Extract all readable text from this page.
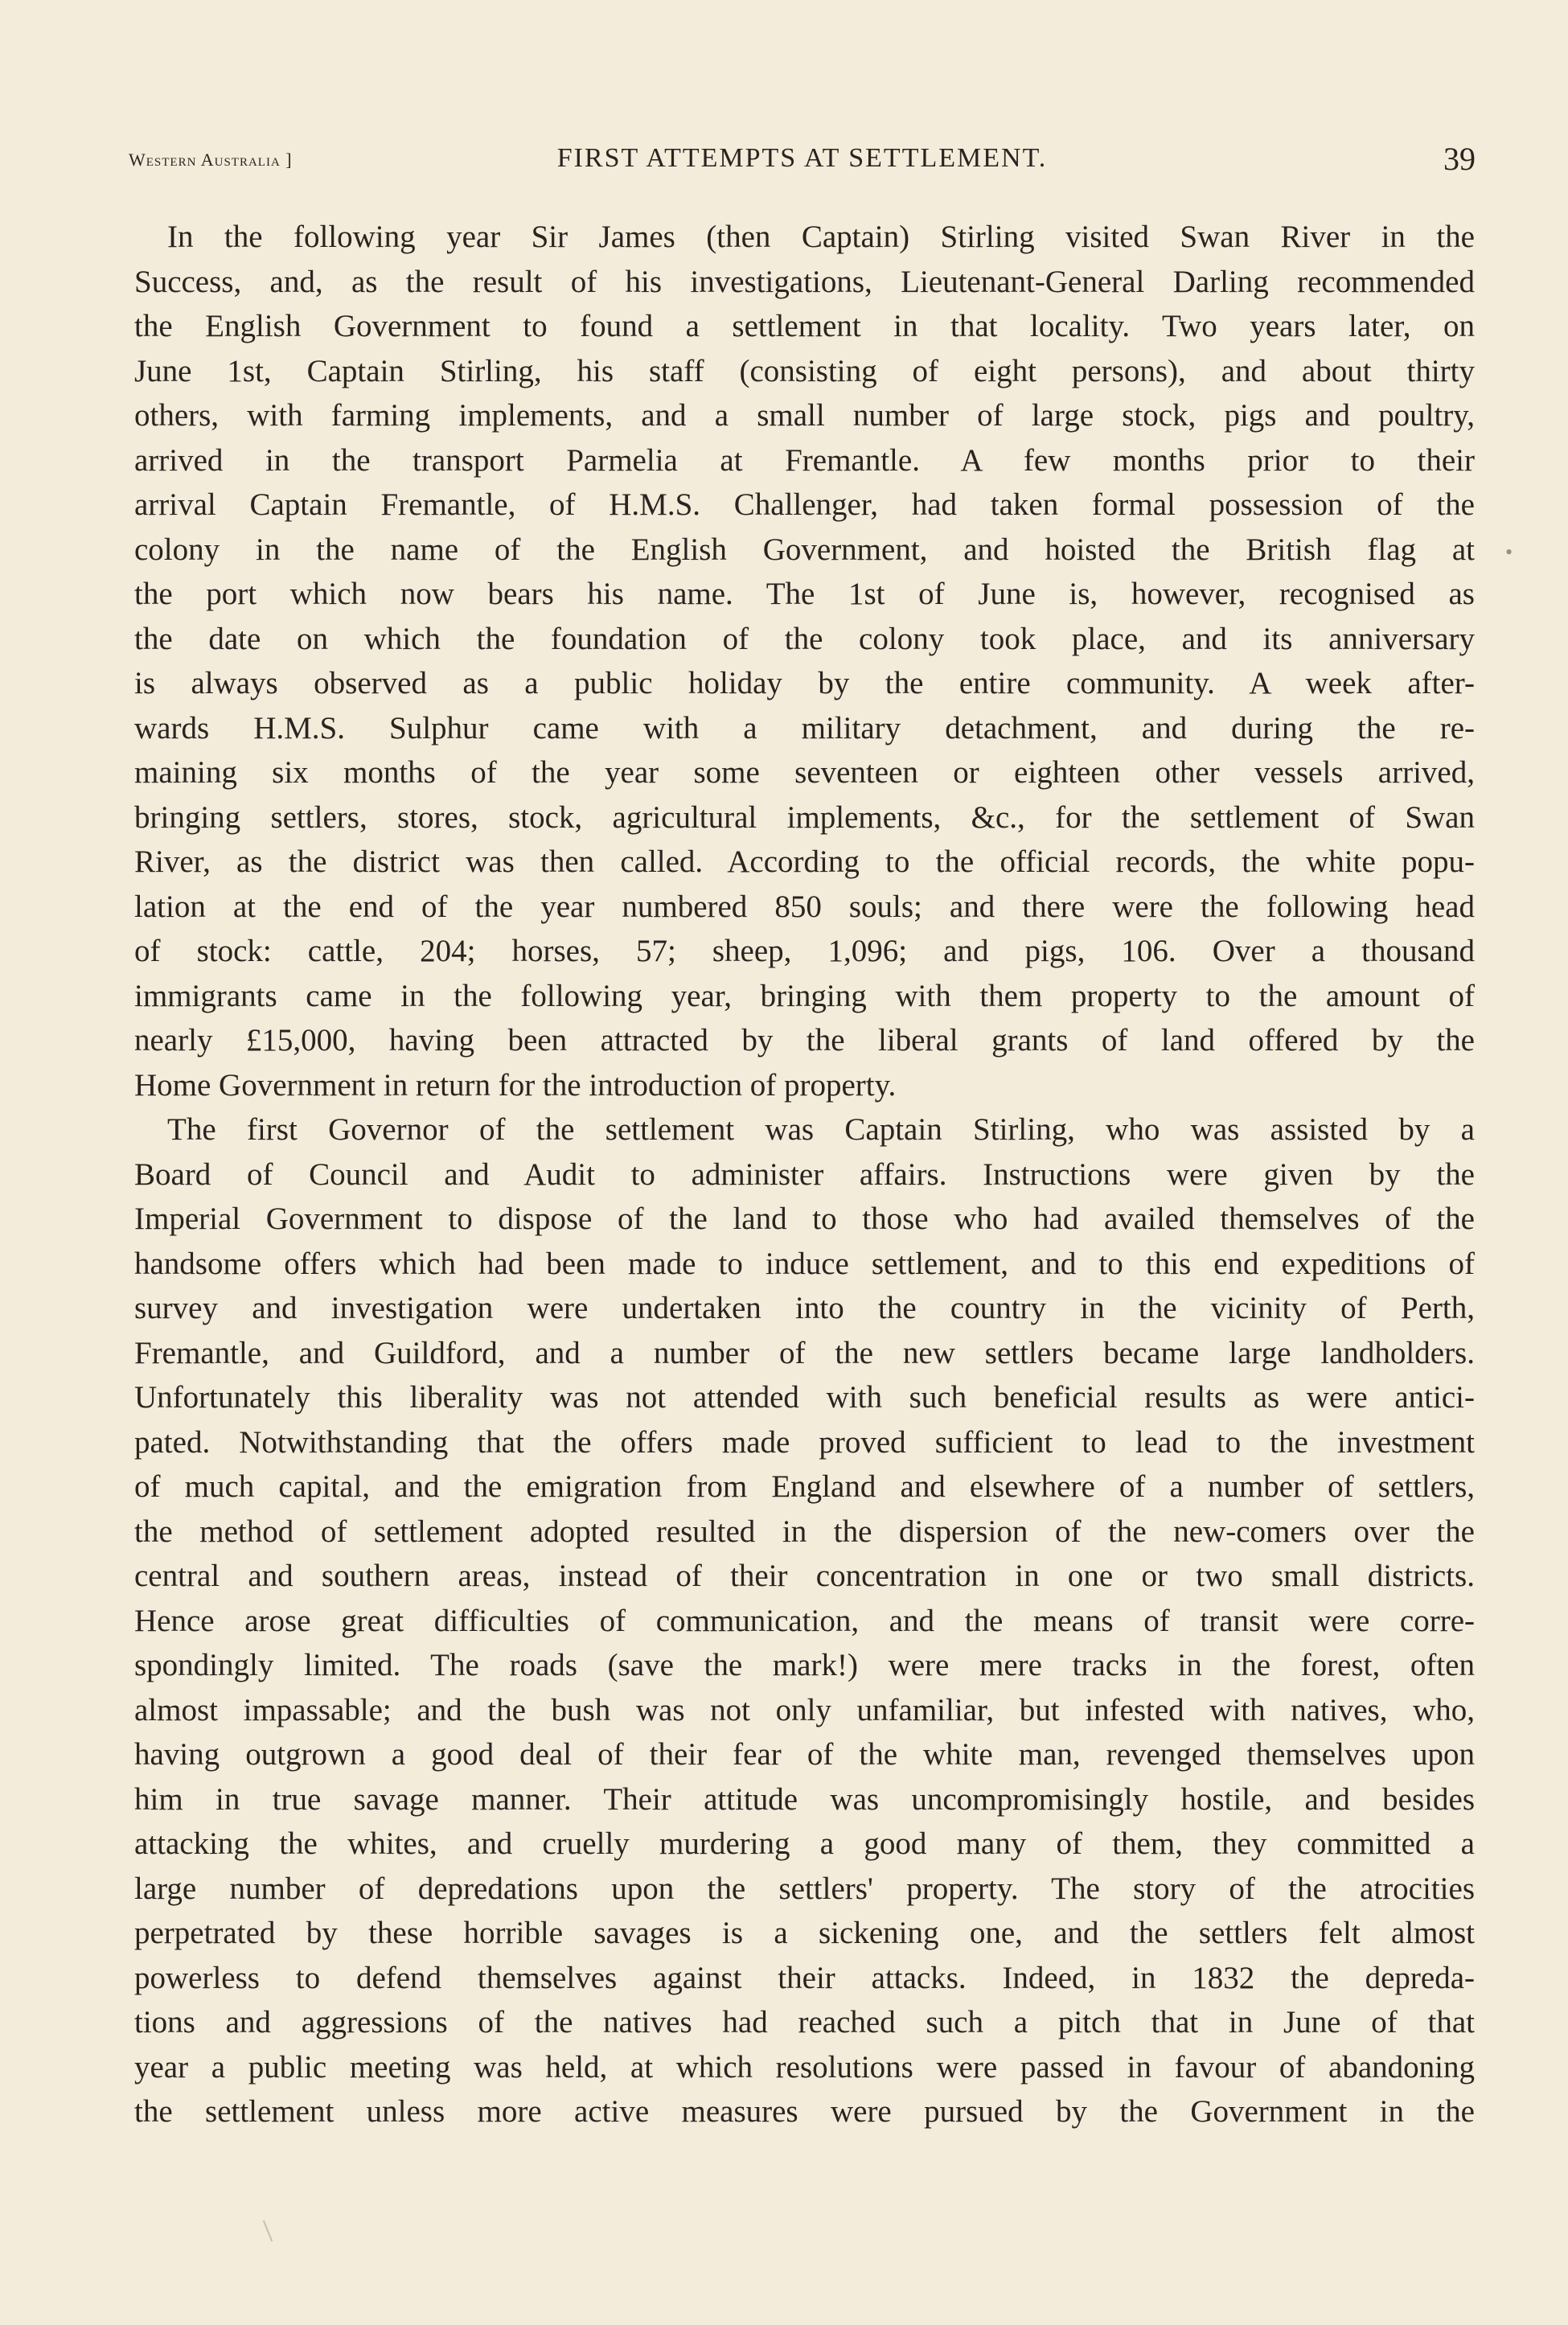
Western Australia ]	FIRST ATTEMPTS AT SETTLEMENT.	39
•
In the following year Sir James (then Captain) Stirling visited Swan River in the
Success, and, as the result of his investigations, Lieutenant-General Darling recommended
the English Government to found a settlement in that locality. Two years later, on
June 1st, Captain Stirling, his staff (consisting of eight persons), and about thirty
others, with farming implements, and a small number of large stock, pigs and poultry,
arrived in the transport Parmelia at Fremantle. A few months prior to their
arrival Captain Fremantle, of H.M.S. Challenger, had taken formal possession of the
colony in the name of the English Government, and hoisted the British flag at
the port which now bears his name. The 1st of June is, however, recognised as
the date on which the foundation of the colony took place, and its anniversary
is always observed as a public holiday by the entire community. A week after-
wards H.M.S. Sulphur came with a military detachment, and during the re-
maining six months of the year some seventeen or eighteen other vessels arrived,
bringing settlers, stores, stock, agricultural implements, &c., for the settlement of Swan
River, as the district was then called. According to the official records, the white popu-
lation at the end of the year numbered 850 souls; and there were the following head
of stock: cattle, 204; horses, 57; sheep, 1,096; and pigs, 106. Over a thousand
immigrants came in the following year, bringing with them property to the amount of
nearly £15,000, having been attracted by the liberal grants of land offered by the
Home Government in return for the introduction of property.
The first Governor of the settlement was Captain Stirling, who was assisted by a
Board of Council and Audit to administer affairs. Instructions were given by the
Imperial Government to dispose of the land to those who had availed themselves of the
handsome offers which had been made to induce settlement, and to this end expeditions of
survey and investigation were undertaken into the country in the vicinity of Perth,
Fremantle, and Guildford, and a number of the new settlers became large landholders.
Unfortunately this liberality was not attended with such beneficial results as were antici-
pated. Notwithstanding that the offers made proved sufficient to lead to the investment
of much capital, and the emigration from England and elsewhere of a number of settlers,
the method of settlement adopted resulted in the dispersion of the new-comers over the
central and southern areas, instead of their concentration in one or two small districts.
Hence arose great difficulties of communication, and the means of transit were corre-
spondingly limited. The roads (save the mark!) were mere tracks in the forest, often
almost impassable; and the bush was not only unfamiliar, but infested with natives, who,
having outgrown a good deal of their fear of the white man, revenged themselves upon
him in true savage manner. Their attitude was uncompromisingly hostile, and besides
attacking the whites, and cruelly murdering a good many of them, they committed a
large number of depredations upon the settlers' property. The story of the atrocities
perpetrated by these horrible savages is a sickening one, and the settlers felt almost
powerless to defend themselves against their attacks. Indeed, in 1832 the depreda-
tions and aggressions of the natives had reached such a pitch that in June of that
year a public meeting was held, at which resolutions were passed in favour of abandoning
the settlement unless more active measures were pursued by the Government in the
